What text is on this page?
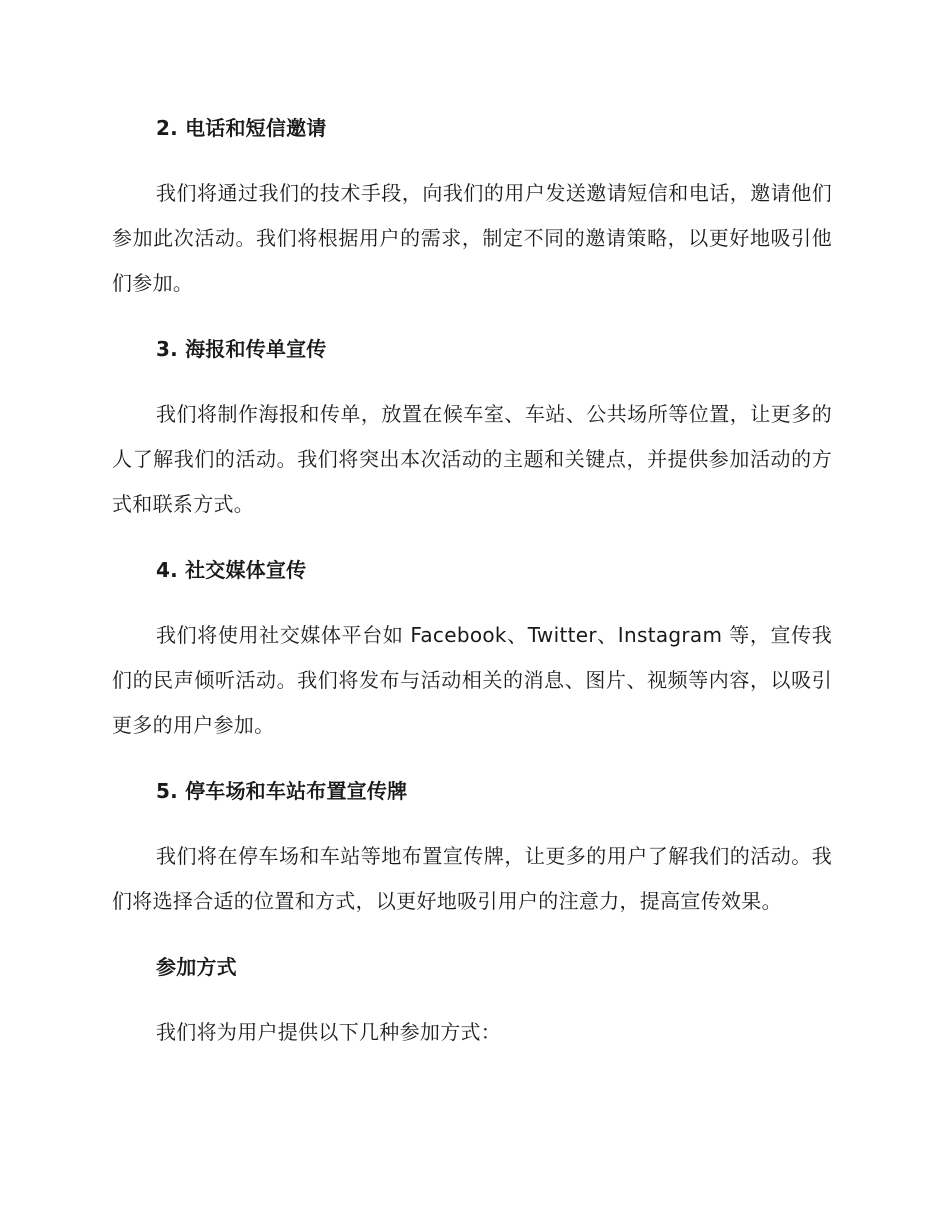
2. 电话和短信邀请

我们将通过我们的技术手段，向我们的用户发送邀请短信和电话，邀请他们参加此次活动。我们将根据用户的需求，制定不同的邀请策略，以更好地吸引他们参加。

3. 海报和传单宣传

我们将制作海报和传单，放置在候车室、车站、公共场所等位置，让更多的人了解我们的活动。我们将突出本次活动的主题和关键点，并提供参加活动的方式和联系方式。

4. 社交媒体宣传

我们将使用社交媒体平台如 Facebook、Twitter、Instagram 等，宣传我们的民声倾听活动。我们将发布与活动相关的消息、图片、视频等内容，以吸引更多的用户参加。

5. 停车场和车站布置宣传牌

我们将在停车场和车站等地布置宣传牌，让更多的用户了解我们的活动。我们将选择合适的位置和方式，以更好地吸引用户的注意力，提高宣传效果。

参加方式

我们将为用户提供以下几种参加方式：
